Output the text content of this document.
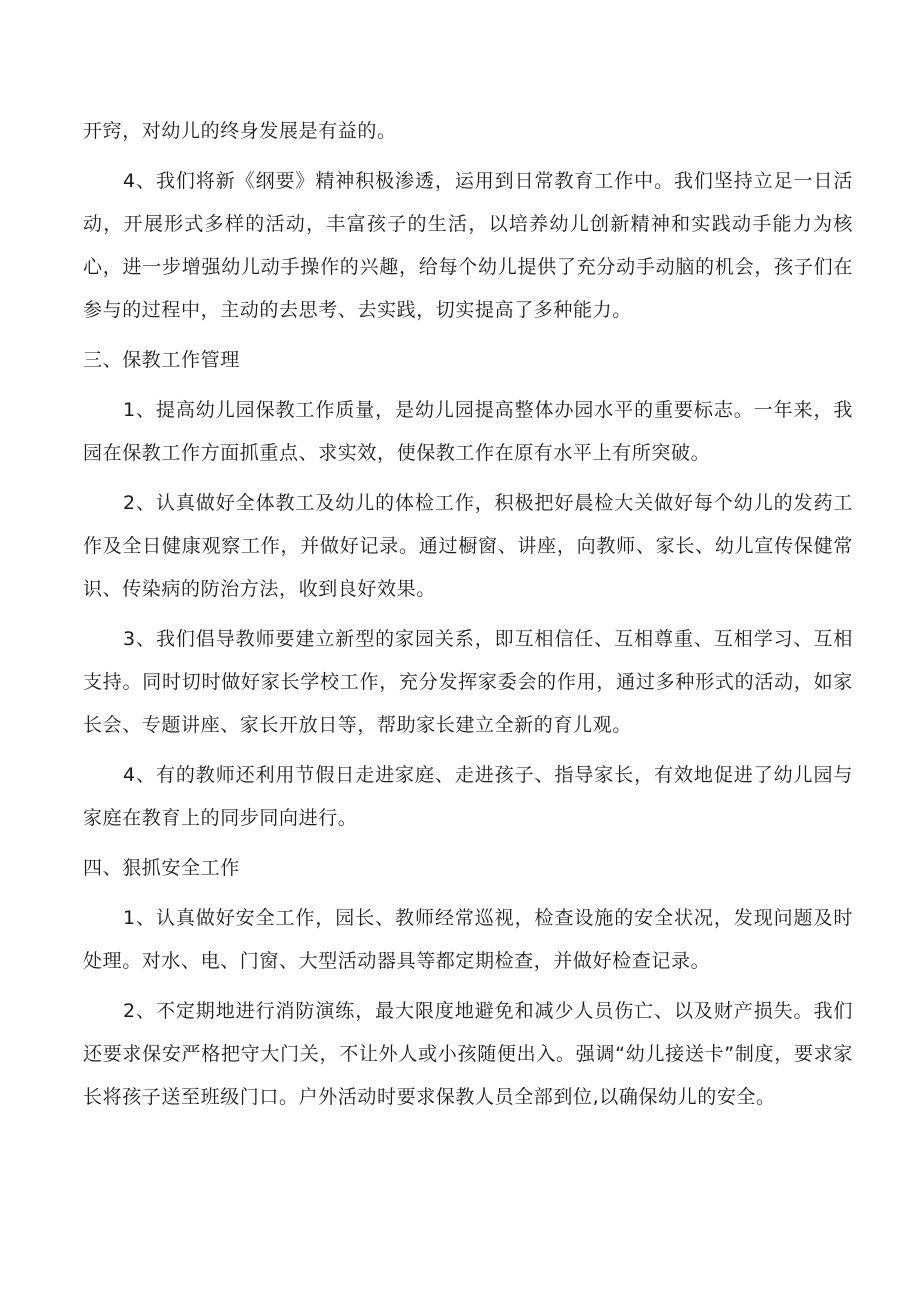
开窍，对幼儿的终身发展是有益的。

4、我们将新《纲要》精神积极渗透，运用到日常教育工作中。我们坚持立足一日活动，开展形式多样的活动，丰富孩子的生活，以培养幼儿创新精神和实践动手能力为核心，进一步增强幼儿动手操作的兴趣，给每个幼儿提供了充分动手动脑的机会，孩子们在参与的过程中，主动的去思考、去实践，切实提高了多种能力。

三、保教工作管理

1、提高幼儿园保教工作质量，是幼儿园提高整体办园水平的重要标志。一年来，我园在保教工作方面抓重点、求实效，使保教工作在原有水平上有所突破。

2、认真做好全体教工及幼儿的体检工作，积极把好晨检大关做好每个幼儿的发药工作及全日健康观察工作，并做好记录。通过橱窗、讲座，向教师、家长、幼儿宣传保健常识、传染病的防治方法，收到良好效果。

3、我们倡导教师要建立新型的家园关系，即互相信任、互相尊重、互相学习、互相支持。同时切时做好家长学校工作，充分发挥家委会的作用，通过多种形式的活动，如家长会、专题讲座、家长开放日等，帮助家长建立全新的育儿观。

4、有的教师还利用节假日走进家庭、走进孩子、指导家长，有效地促进了幼儿园与家庭在教育上的同步同向进行。

四、狠抓安全工作

1、认真做好安全工作，园长、教师经常巡视，检查设施的安全状况，发现问题及时处理。对水、电、门窗、大型活动器具等都定期检查，并做好检查记录。

2、不定期地进行消防演练，最大限度地避免和减少人员伤亡、以及财产损失。我们还要求保安严格把守大门关，不让外人或小孩随便出入。强调“幼儿接送卡”制度，要求家长将孩子送至班级门口。户外活动时要求保教人员全部到位,以确保幼儿的安全。
